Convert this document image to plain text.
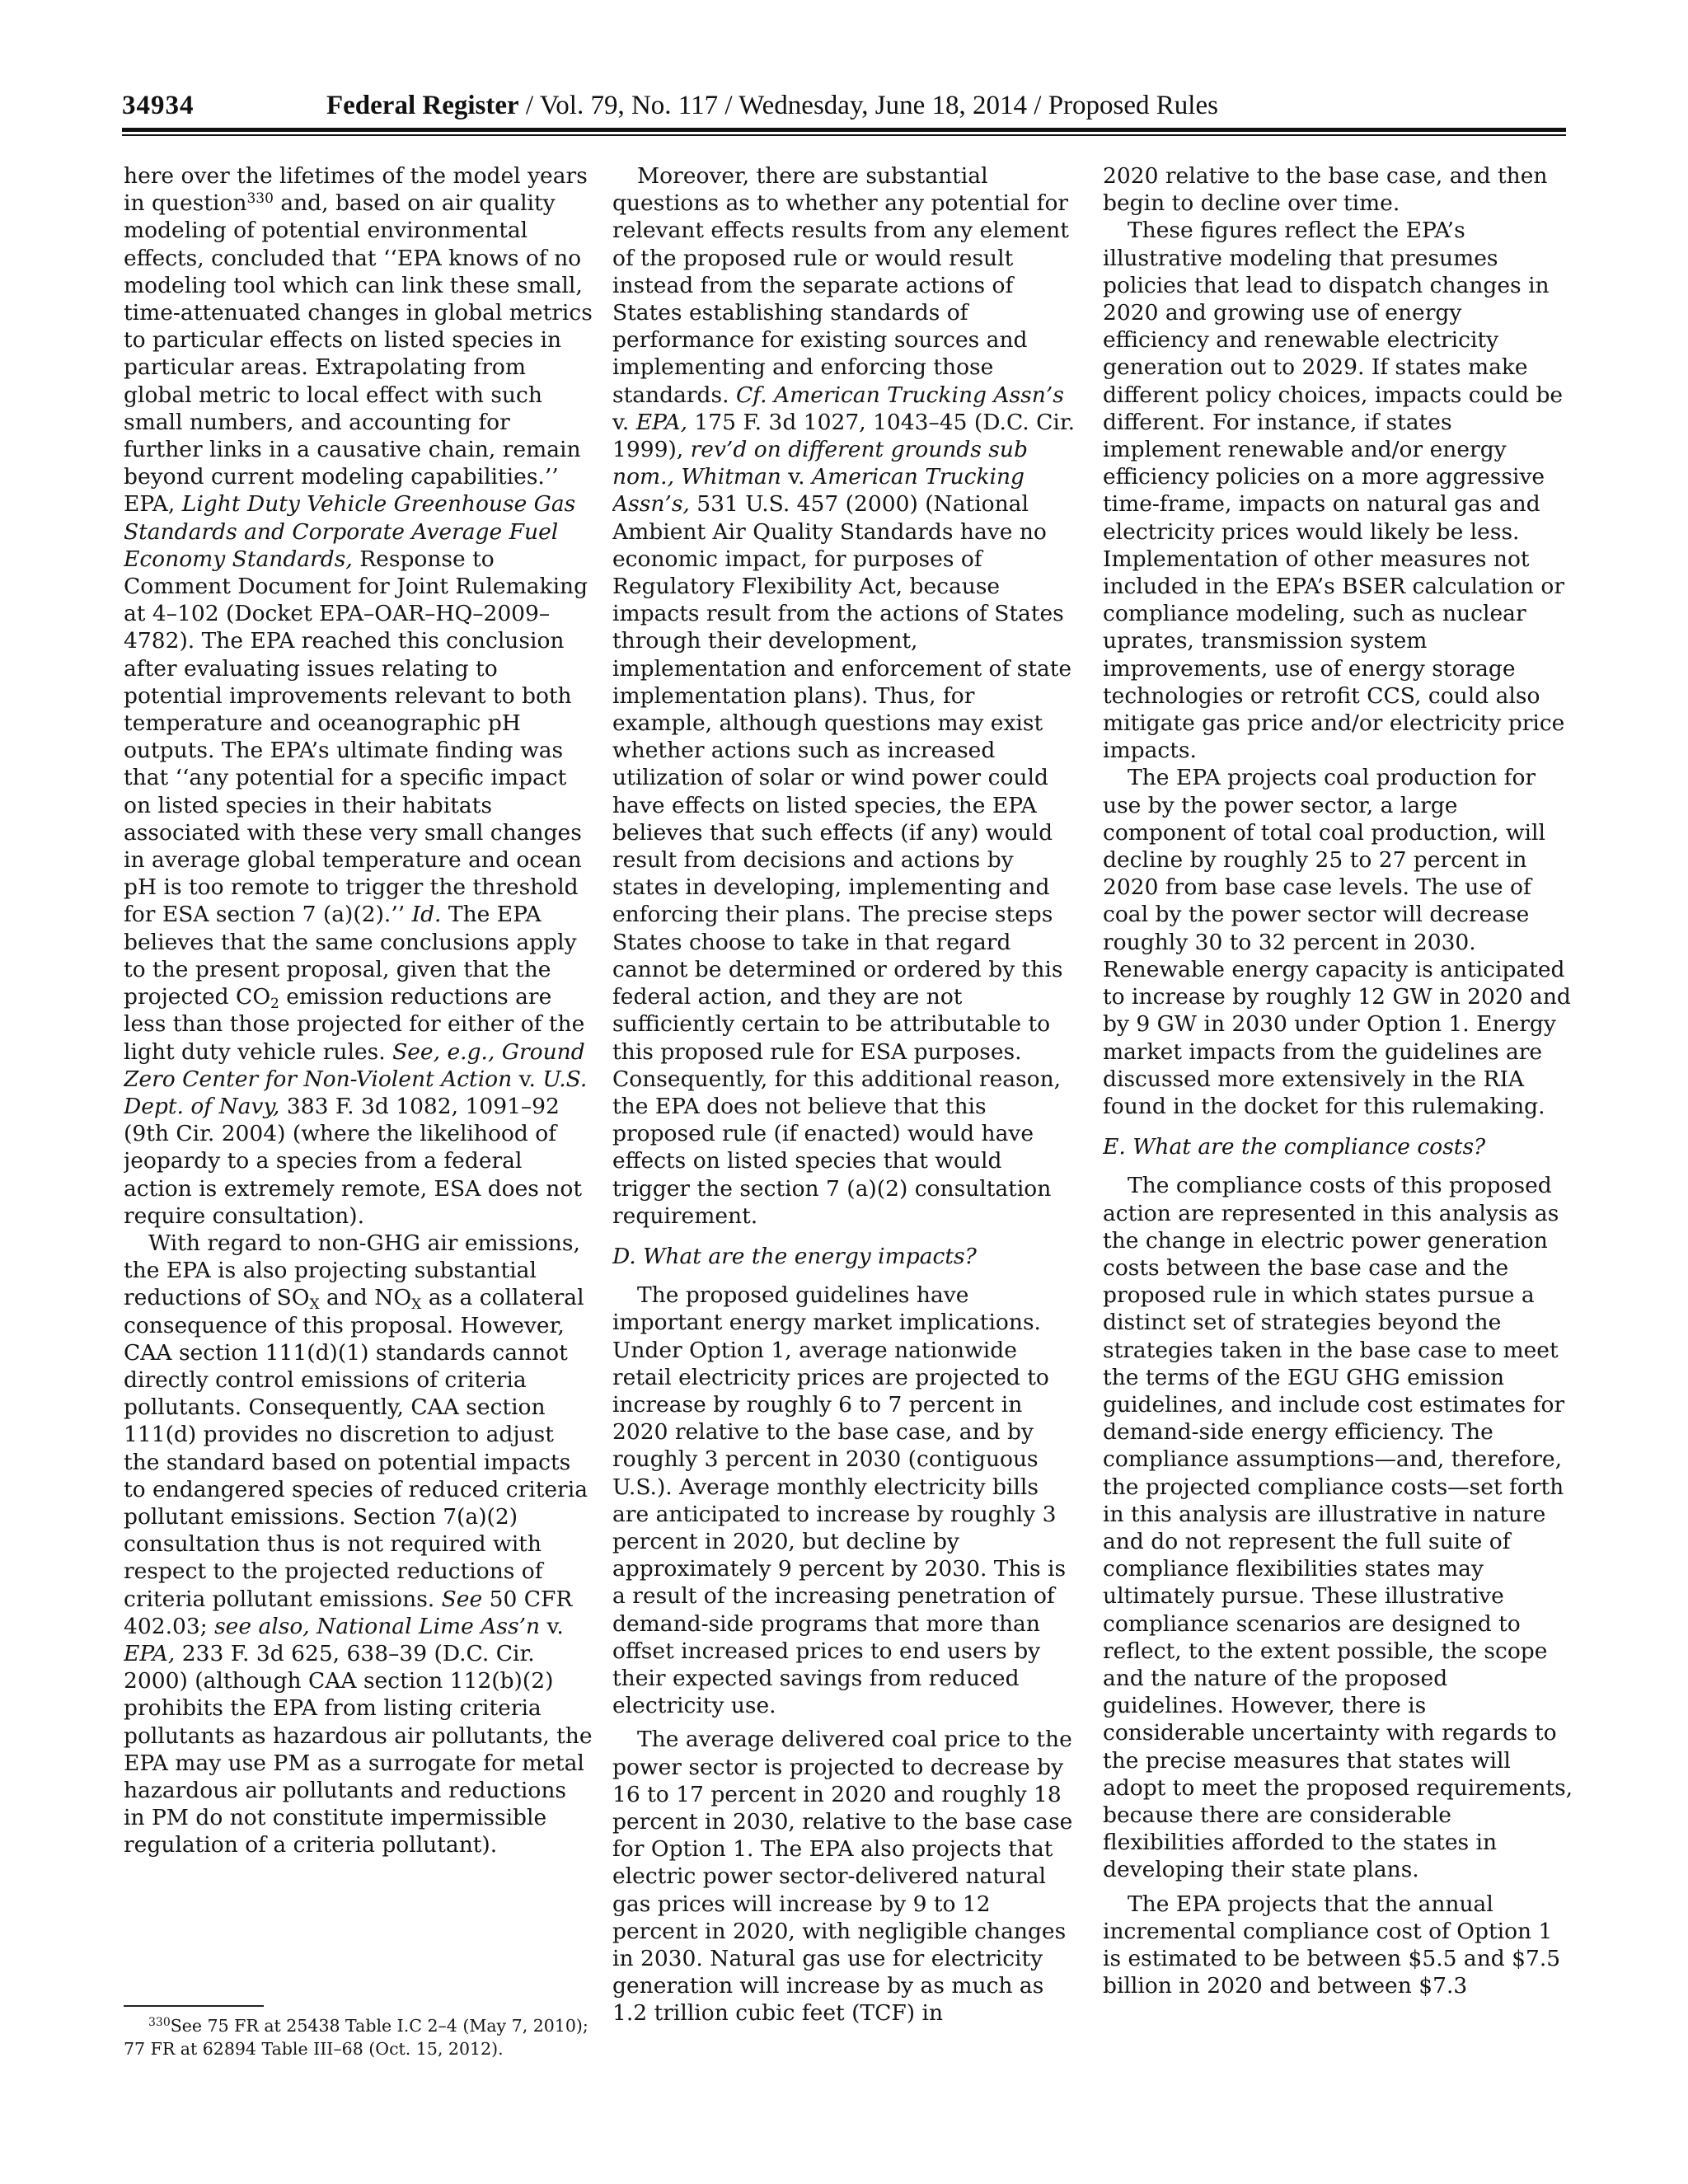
34934	Federal Register / Vol. 79, No. 117 / Wednesday, June 18, 2014 / Proposed Rules

here over the lifetimes of the model years in question$^{330}$ and, based on air quality modeling of potential environmental effects, concluded that ‘‘EPA knows of no modeling tool which can link these small, time-attenuated changes in global metrics to particular effects on listed species in particular areas. Extrapolating from global metric to local effect with such small numbers, and accounting for further links in a causative chain, remain beyond current modeling capabilities.’’ EPA, Light Duty Vehicle Greenhouse Gas Standards and Corporate Average Fuel Economy Standards, Response to Comment Document for Joint Rulemaking at 4–102 (Docket EPA–OAR–HQ–2009–4782). The EPA reached this conclusion after evaluating issues relating to potential improvements relevant to both temperature and oceanographic pH outputs. The EPA’s ultimate finding was that ‘‘any potential for a specific impact on listed species in their habitats associated with these very small changes in average global temperature and ocean pH is too remote to trigger the threshold for ESA section 7 (a)(2).’’ Id. The EPA believes that the same conclusions apply to the present proposal, given that the projected $CO_2$ emission reductions are less than those projected for either of the light duty vehicle rules. See, e.g., Ground Zero Center for Non-Violent Action v. U.S. Dept. of Navy, 383 F. 3d 1082, 1091–92 (9th Cir. 2004) (where the likelihood of jeopardy to a species from a federal action is extremely remote, ESA does not require consultation).

With regard to non-GHG air emissions, the EPA is also projecting substantial reductions of $SO_X$ and $NO_X$ as a collateral consequence of this proposal. However, CAA section 111(d)(1) standards cannot directly control emissions of criteria pollutants. Consequently, CAA section 111(d) provides no discretion to adjust the standard based on potential impacts to endangered species of reduced criteria pollutant emissions. Section 7(a)(2) consultation thus is not required with respect to the projected reductions of criteria pollutant emissions. See 50 CFR 402.03; see also, National Lime Ass’n v. EPA, 233 F. 3d 625, 638–39 (D.C. Cir. 2000) (although CAA section 112(b)(2) prohibits the EPA from listing criteria pollutants as hazardous air pollutants, the EPA may use PM as a surrogate for metal hazardous air pollutants and reductions in PM do not constitute impermissible regulation of a criteria pollutant).

Moreover, there are substantial questions as to whether any potential for relevant effects results from any element of the proposed rule or would result instead from the separate actions of States establishing standards of performance for existing sources and implementing and enforcing those standards. Cf. American Trucking Assn’s v. EPA, 175 F. 3d 1027, 1043–45 (D.C. Cir. 1999), rev’d on different grounds sub nom., Whitman v. American Trucking Assn’s, 531 U.S. 457 (2000) (National Ambient Air Quality Standards have no economic impact, for purposes of Regulatory Flexibility Act, because impacts result from the actions of States through their development, implementation and enforcement of state implementation plans). Thus, for example, although questions may exist whether actions such as increased utilization of solar or wind power could have effects on listed species, the EPA believes that such effects (if any) would result from decisions and actions by states in developing, implementing and enforcing their plans. The precise steps States choose to take in that regard cannot be determined or ordered by this federal action, and they are not sufficiently certain to be attributable to this proposed rule for ESA purposes. Consequently, for this additional reason, the EPA does not believe that this proposed rule (if enacted) would have effects on listed species that would trigger the section 7 (a)(2) consultation requirement.

D. What are the energy impacts?

The proposed guidelines have important energy market implications. Under Option 1, average nationwide retail electricity prices are projected to increase by roughly 6 to 7 percent in 2020 relative to the base case, and by roughly 3 percent in 2030 (contiguous U.S.). Average monthly electricity bills are anticipated to increase by roughly 3 percent in 2020, but decline by approximately 9 percent by 2030. This is a result of the increasing penetration of demand-side programs that more than offset increased prices to end users by their expected savings from reduced electricity use.

The average delivered coal price to the power sector is projected to decrease by 16 to 17 percent in 2020 and roughly 18 percent in 2030, relative to the base case for Option 1. The EPA also projects that electric power sector-delivered natural gas prices will increase by 9 to 12 percent in 2020, with negligible changes in 2030. Natural gas use for electricity generation will increase by as much as 1.2 trillion cubic feet (TCF) in

2020 relative to the base case, and then begin to decline over time.

These figures reflect the EPA’s illustrative modeling that presumes policies that lead to dispatch changes in 2020 and growing use of energy efficiency and renewable electricity generation out to 2029. If states make different policy choices, impacts could be different. For instance, if states implement renewable and/or energy efficiency policies on a more aggressive time-frame, impacts on natural gas and electricity prices would likely be less. Implementation of other measures not included in the EPA’s BSER calculation or compliance modeling, such as nuclear uprates, transmission system improvements, use of energy storage technologies or retrofit CCS, could also mitigate gas price and/or electricity price impacts.

The EPA projects coal production for use by the power sector, a large component of total coal production, will decline by roughly 25 to 27 percent in 2020 from base case levels. The use of coal by the power sector will decrease roughly 30 to 32 percent in 2030. Renewable energy capacity is anticipated to increase by roughly 12 GW in 2020 and by 9 GW in 2030 under Option 1. Energy market impacts from the guidelines are discussed more extensively in the RIA found in the docket for this rulemaking.

E. What are the compliance costs?

The compliance costs of this proposed action are represented in this analysis as the change in electric power generation costs between the base case and the proposed rule in which states pursue a distinct set of strategies beyond the strategies taken in the base case to meet the terms of the EGU GHG emission guidelines, and include cost estimates for demand-side energy efficiency. The compliance assumptions—and, therefore, the projected compliance costs—set forth in this analysis are illustrative in nature and do not represent the full suite of compliance flexibilities states may ultimately pursue. These illustrative compliance scenarios are designed to reflect, to the extent possible, the scope and the nature of the proposed guidelines. However, there is considerable uncertainty with regards to the precise measures that states will adopt to meet the proposed requirements, because there are considerable flexibilities afforded to the states in developing their state plans.

The EPA projects that the annual incremental compliance cost of Option 1 is estimated to be between $5.5 and $7.5 billion in 2020 and between $7.3

$^{330}$See 75 FR at 25438 Table I.C 2–4 (May 7, 2010); 77 FR at 62894 Table III–68 (Oct. 15, 2012).
